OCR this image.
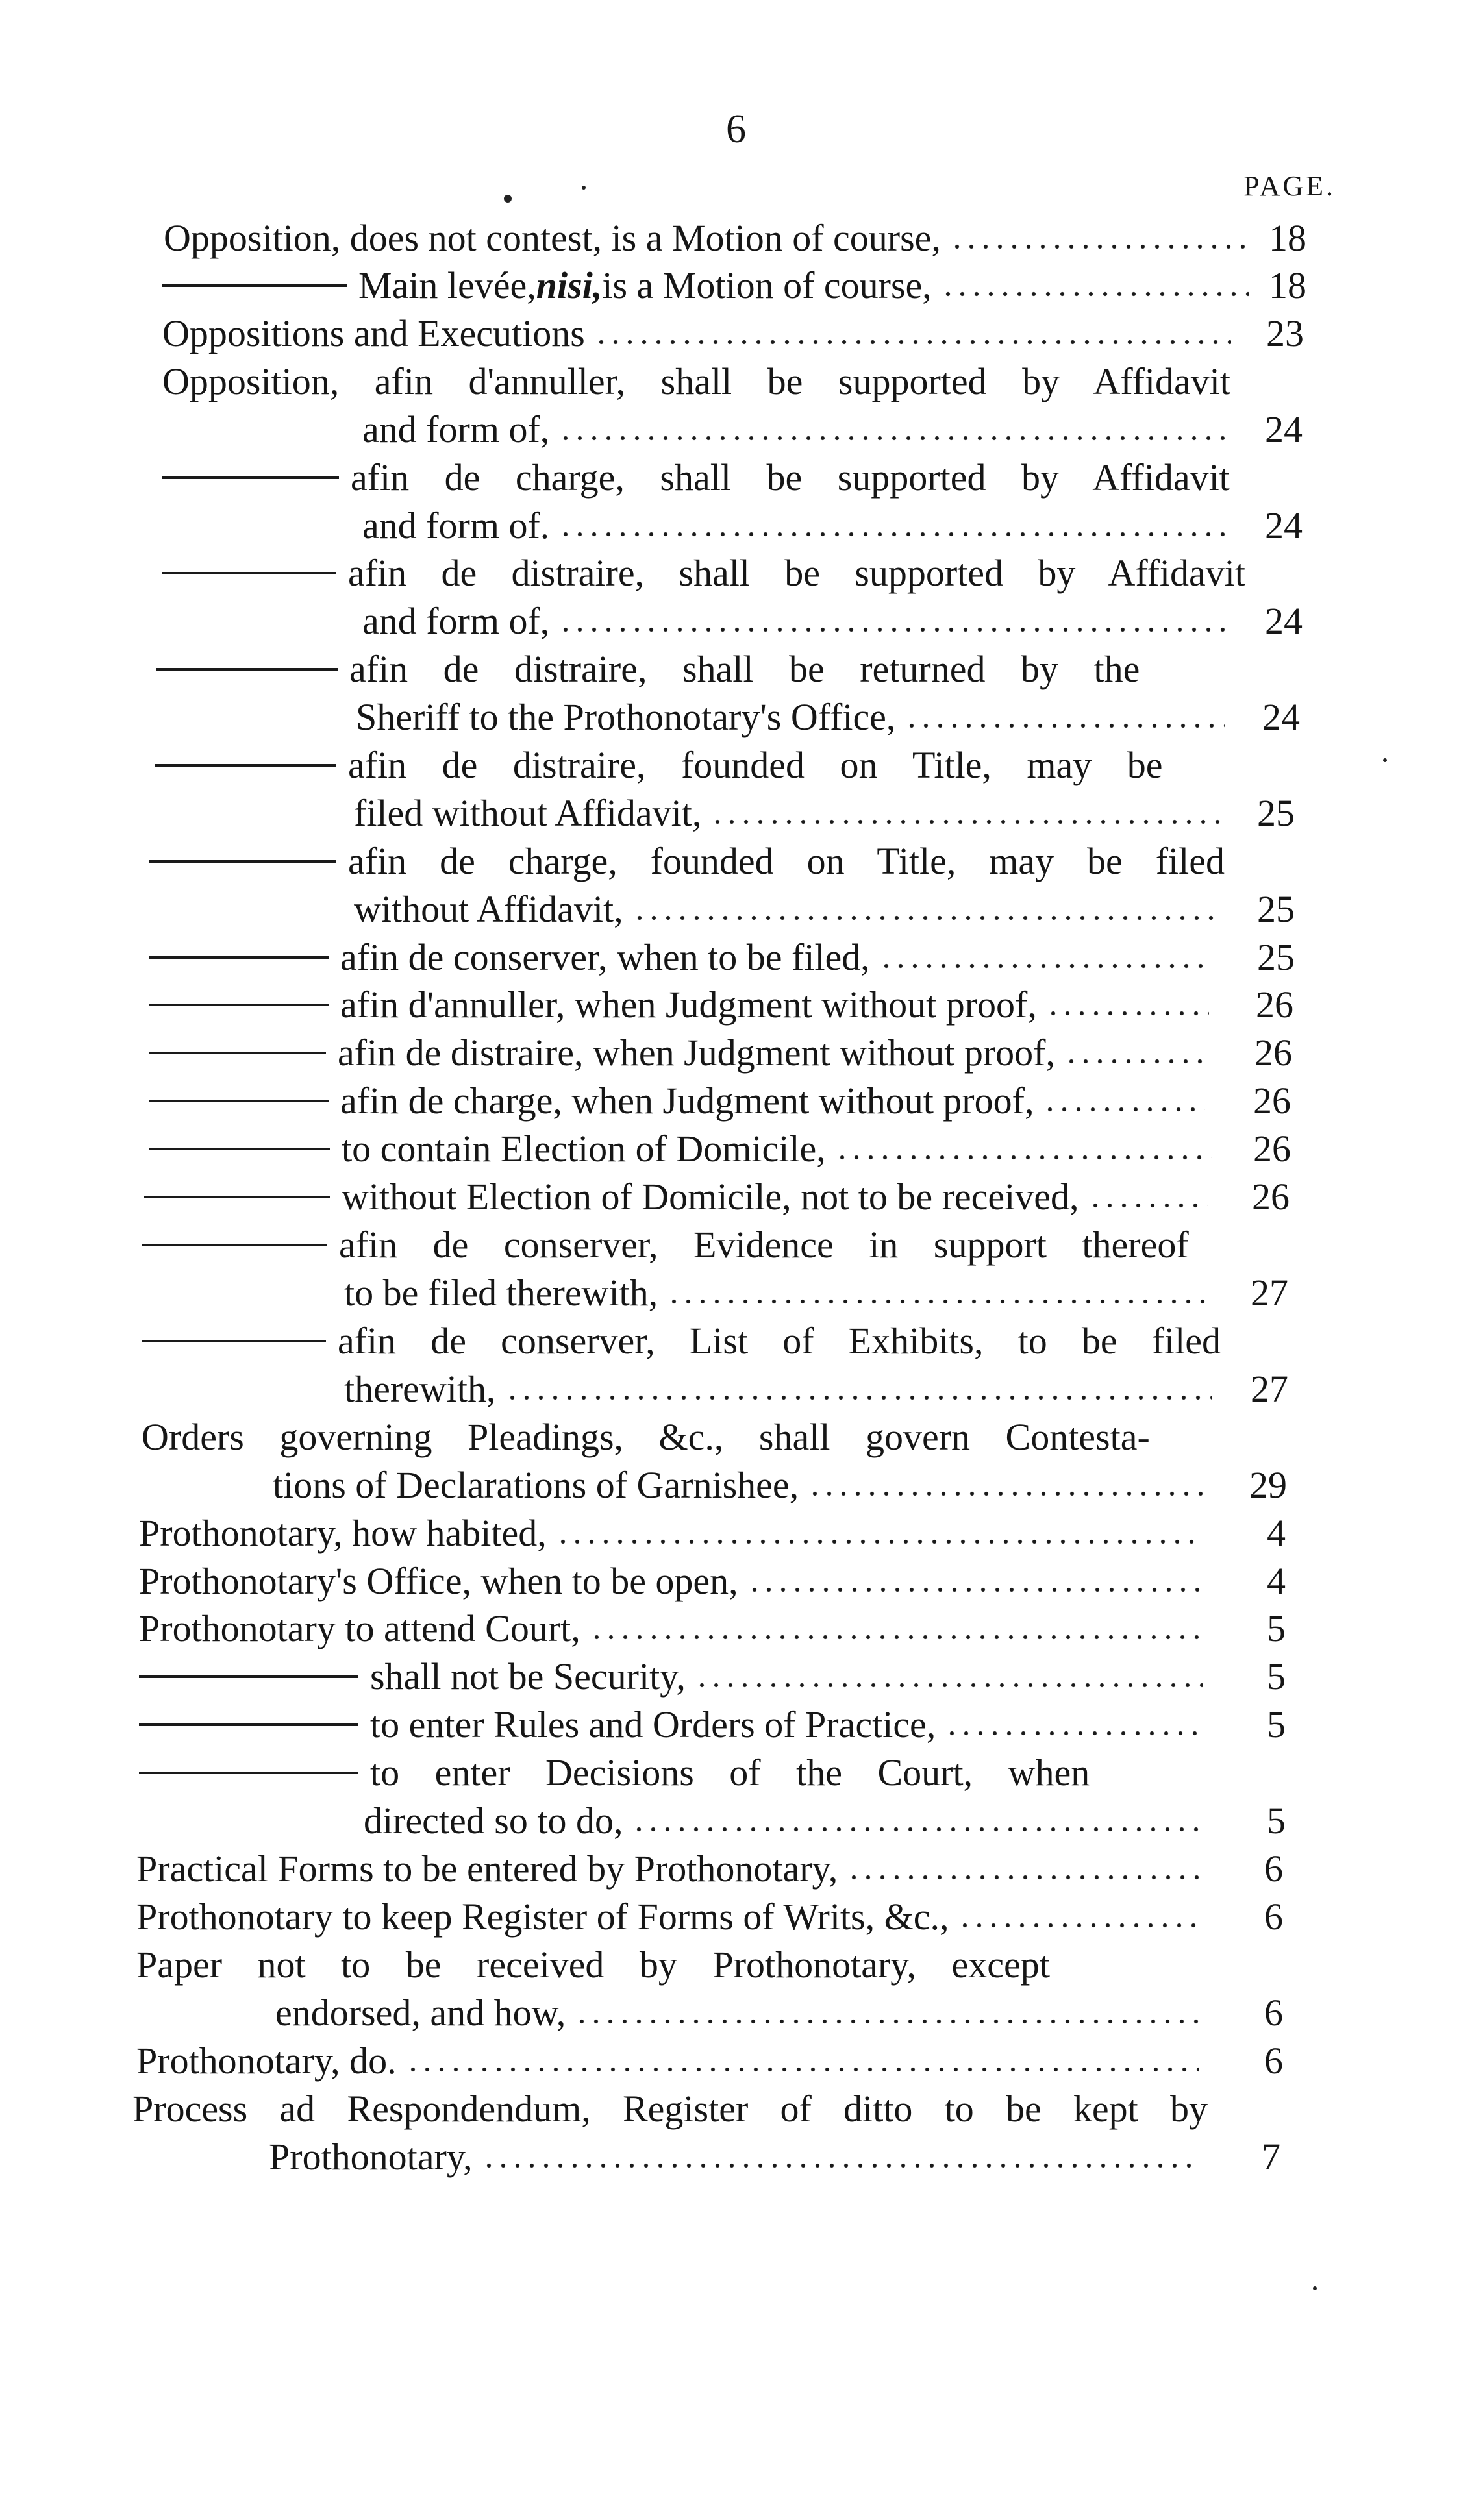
6
PAGE.
18
Opposition, does not contest, is a Motion of course,
18
Main levée, nisi, is a Motion of course,
23
Oppositions and Executions
Opposition, afin d'annuller, shall be supported by Affidavit
24
and form of,
afin de charge, shall be supported by Affidavit
24
and form of.
afin de distraire, shall be supported by Affidavit
24
and form of,
afin de distraire, shall be returned by the
24
Sheriff to the Prothonotary's Office,
afin de distraire, founded on Title, may be
25
filed without Affidavit,
afin de charge, founded on Title, may be filed
25
without Affidavit,
25
afin de conserver, when to be filed,
26
afin d'annuller, when Judgment without proof,
26
afin de distraire, when Judgment without proof,
26
afin de charge, when Judgment without proof,
26
to contain Election of Domicile,
26
without Election of Domicile, not to be received,
afin de conserver, Evidence in support thereof
27
to be filed therewith,
afin de conserver, List of Exhibits, to be filed
27
therewith,
Orders governing Pleadings, &c., shall govern Contesta-
29
tions of Declarations of Garnishee,
4
Prothonotary, how habited,
4
Prothonotary's Office, when to be open,
5
Prothonotary to attend Court,
5
shall not be Security,
5
to enter Rules and Orders of Practice,
to enter Decisions of the Court, when
5
directed so to do,
6
Practical Forms to be entered by Prothonotary,
6
Prothonotary to keep Register of Forms of Writs, &c.,
Paper not to be received by Prothonotary, except
6
endorsed, and how,
6
Prothonotary, do.
Process ad Respondendum, Register of ditto to be kept by
7
Prothonotary,
